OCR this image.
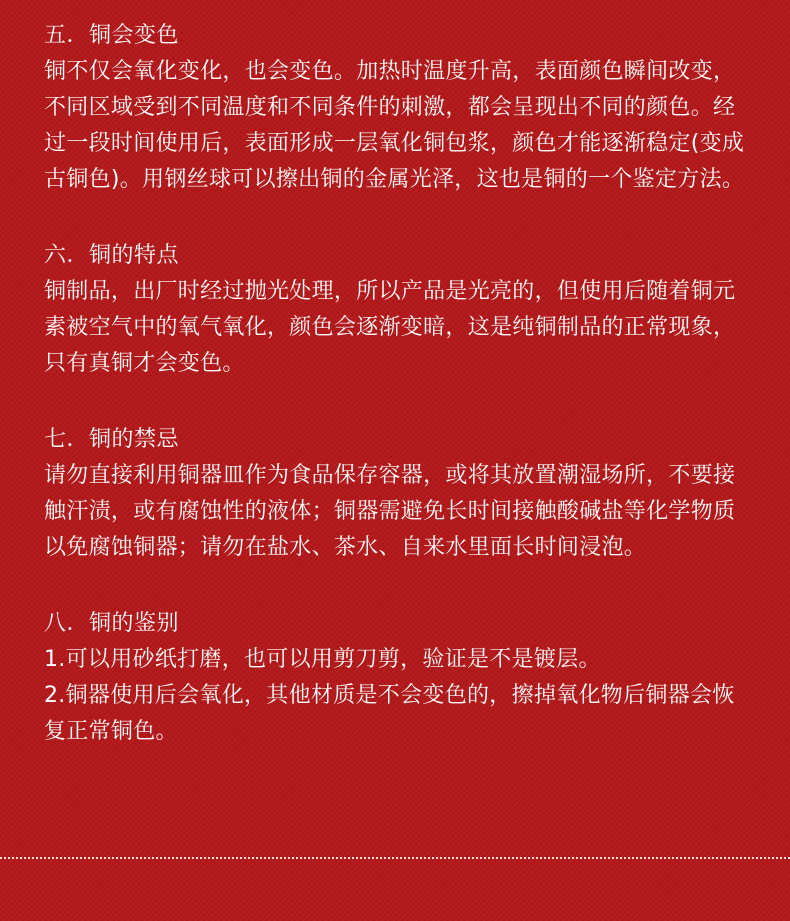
五．铜会变色

铜不仅会氧化变化，也会变色。加热时温度升高，表面颜色瞬间改变，不同区域受到不同温度和不同条件的刺激，都会呈现出不同的颜色。经过一段时间使用后，表面形成一层氧化铜包浆，颜色才能逐渐稳定(变成古铜色)。用钢丝球可以擦出铜的金属光泽，这也是铜的一个鉴定方法。

六．铜的特点

铜制品，出厂时经过抛光处理，所以产品是光亮的，但使用后随着铜元素被空气中的氧气氧化，颜色会逐渐变暗，这是纯铜制品的正常现象，只有真铜才会变色。

七．铜的禁忌

请勿直接利用铜器皿作为食品保存容器，或将其放置潮湿场所，不要接触汗渍，或有腐蚀性的液体；铜器需避免长时间接触酸碱盐等化学物质以免腐蚀铜器；请勿在盐水、茶水、自来水里面长时间浸泡。

八．铜的鉴别

1.可以用砂纸打磨，也可以用剪刀剪，验证是不是镀层。

2.铜器使用后会氧化，其他材质是不会变色的，擦掉氧化物后铜器会恢复正常铜色。
